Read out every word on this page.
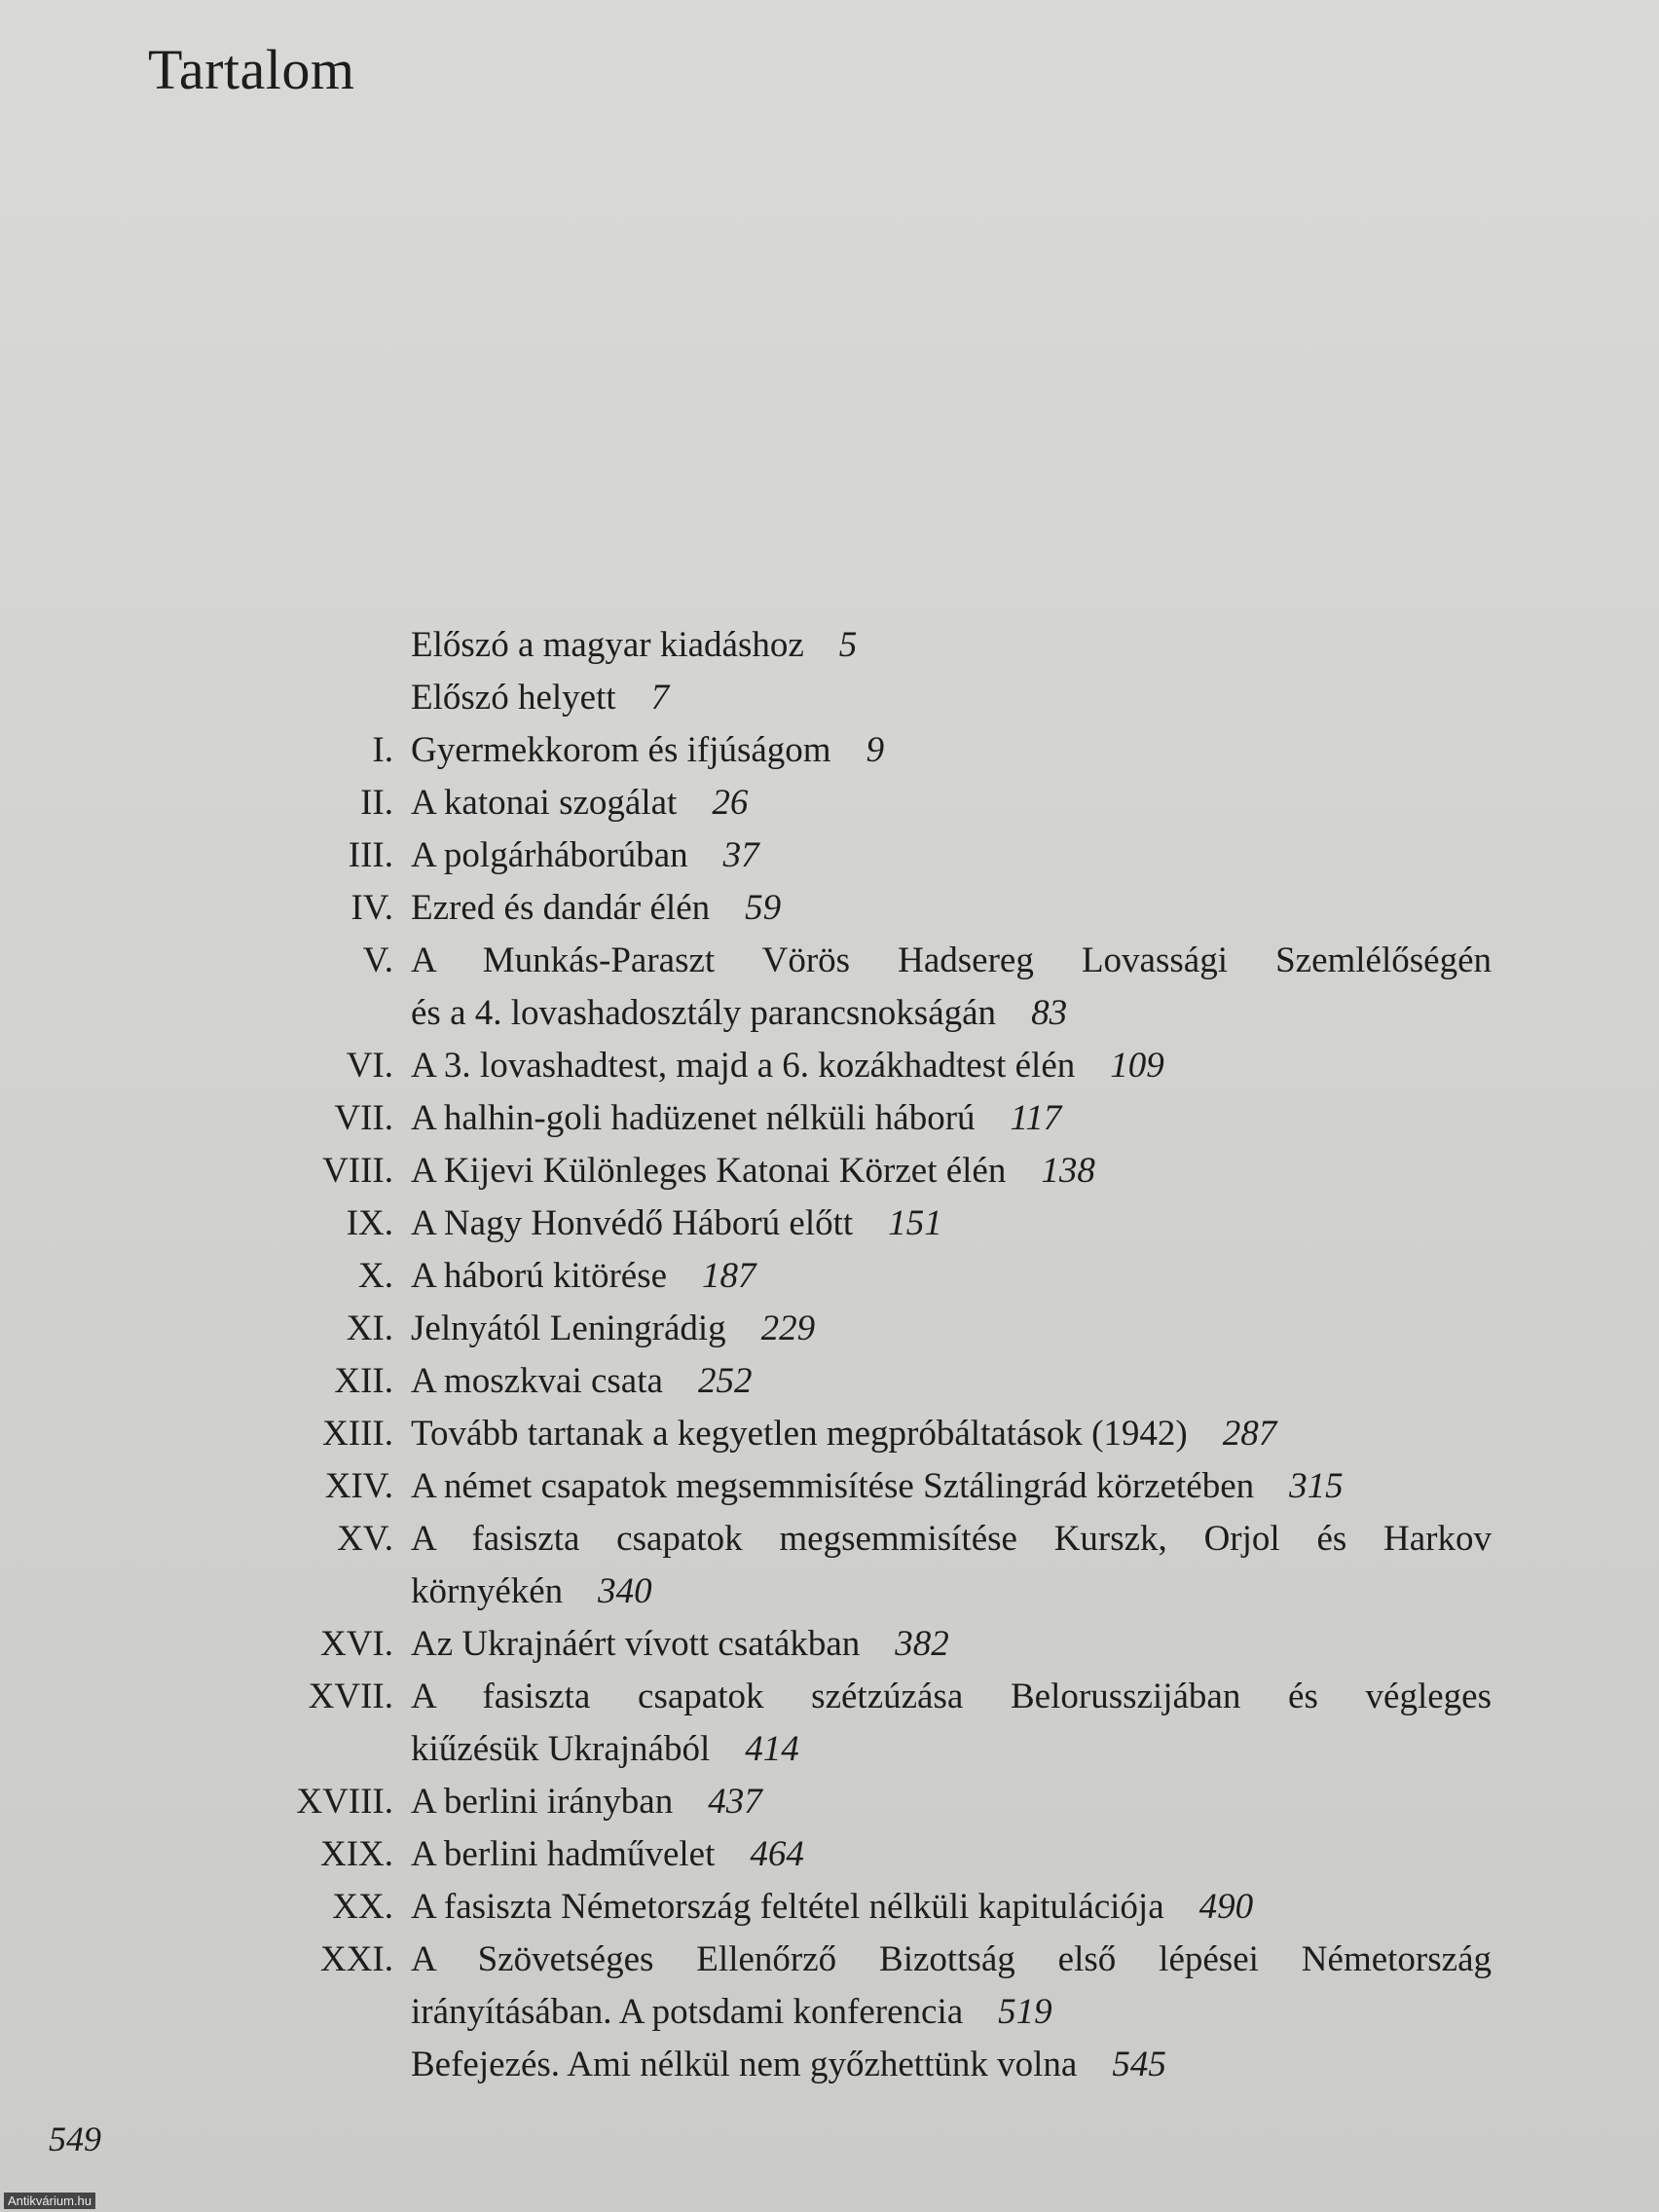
Tartalom
Előszó a magyar kiadáshoz 5
Előszó helyett 7
I. Gyermekkorom és ifjúságom 9
II. A katonai szogálat 26
III. A polgárháborúban 37
IV. Ezred és dandár élén 59
V. A Munkás-Paraszt Vörös Hadsereg Lovassági Szemlélőségén
és a 4. lovashadosztály parancsnokságán 83
VI. A 3. lovashadtest, majd a 6. kozákhadtest élén 109
VII. A halhin-goli hadüzenet nélküli háború 117
VIII. A Kijevi Különleges Katonai Körzet élén 138
IX. A Nagy Honvédő Háború előtt 151
X. A háború kitörése 187
XI. Jelnyától Leningrádig 229
XII. A moszkvai csata 252
XIII. Tovább tartanak a kegyetlen megpróbáltatások (1942) 287
XIV. A német csapatok megsemmisítése Sztálingrád körzetében 315
XV. A fasiszta csapatok megsemmisítése Kurszk, Orjol és Harkov
környékén 340
XVI. Az Ukrajnáért vívott csatákban 382
XVII. A fasiszta csapatok szétzúzása Belorusszijában és végleges
kiűzésük Ukrajnából 414
XVIII. A berlini irányban 437
XIX. A berlini hadművelet 464
XX. A fasiszta Németország feltétel nélküli kapitulációja 490
XXI. A Szövetséges Ellenőrző Bizottság első lépései Németország
irányításában. A potsdami konferencia 519
Befejezés. Ami nélkül nem győzhettünk volna 545
549
Antikvárium.hu
